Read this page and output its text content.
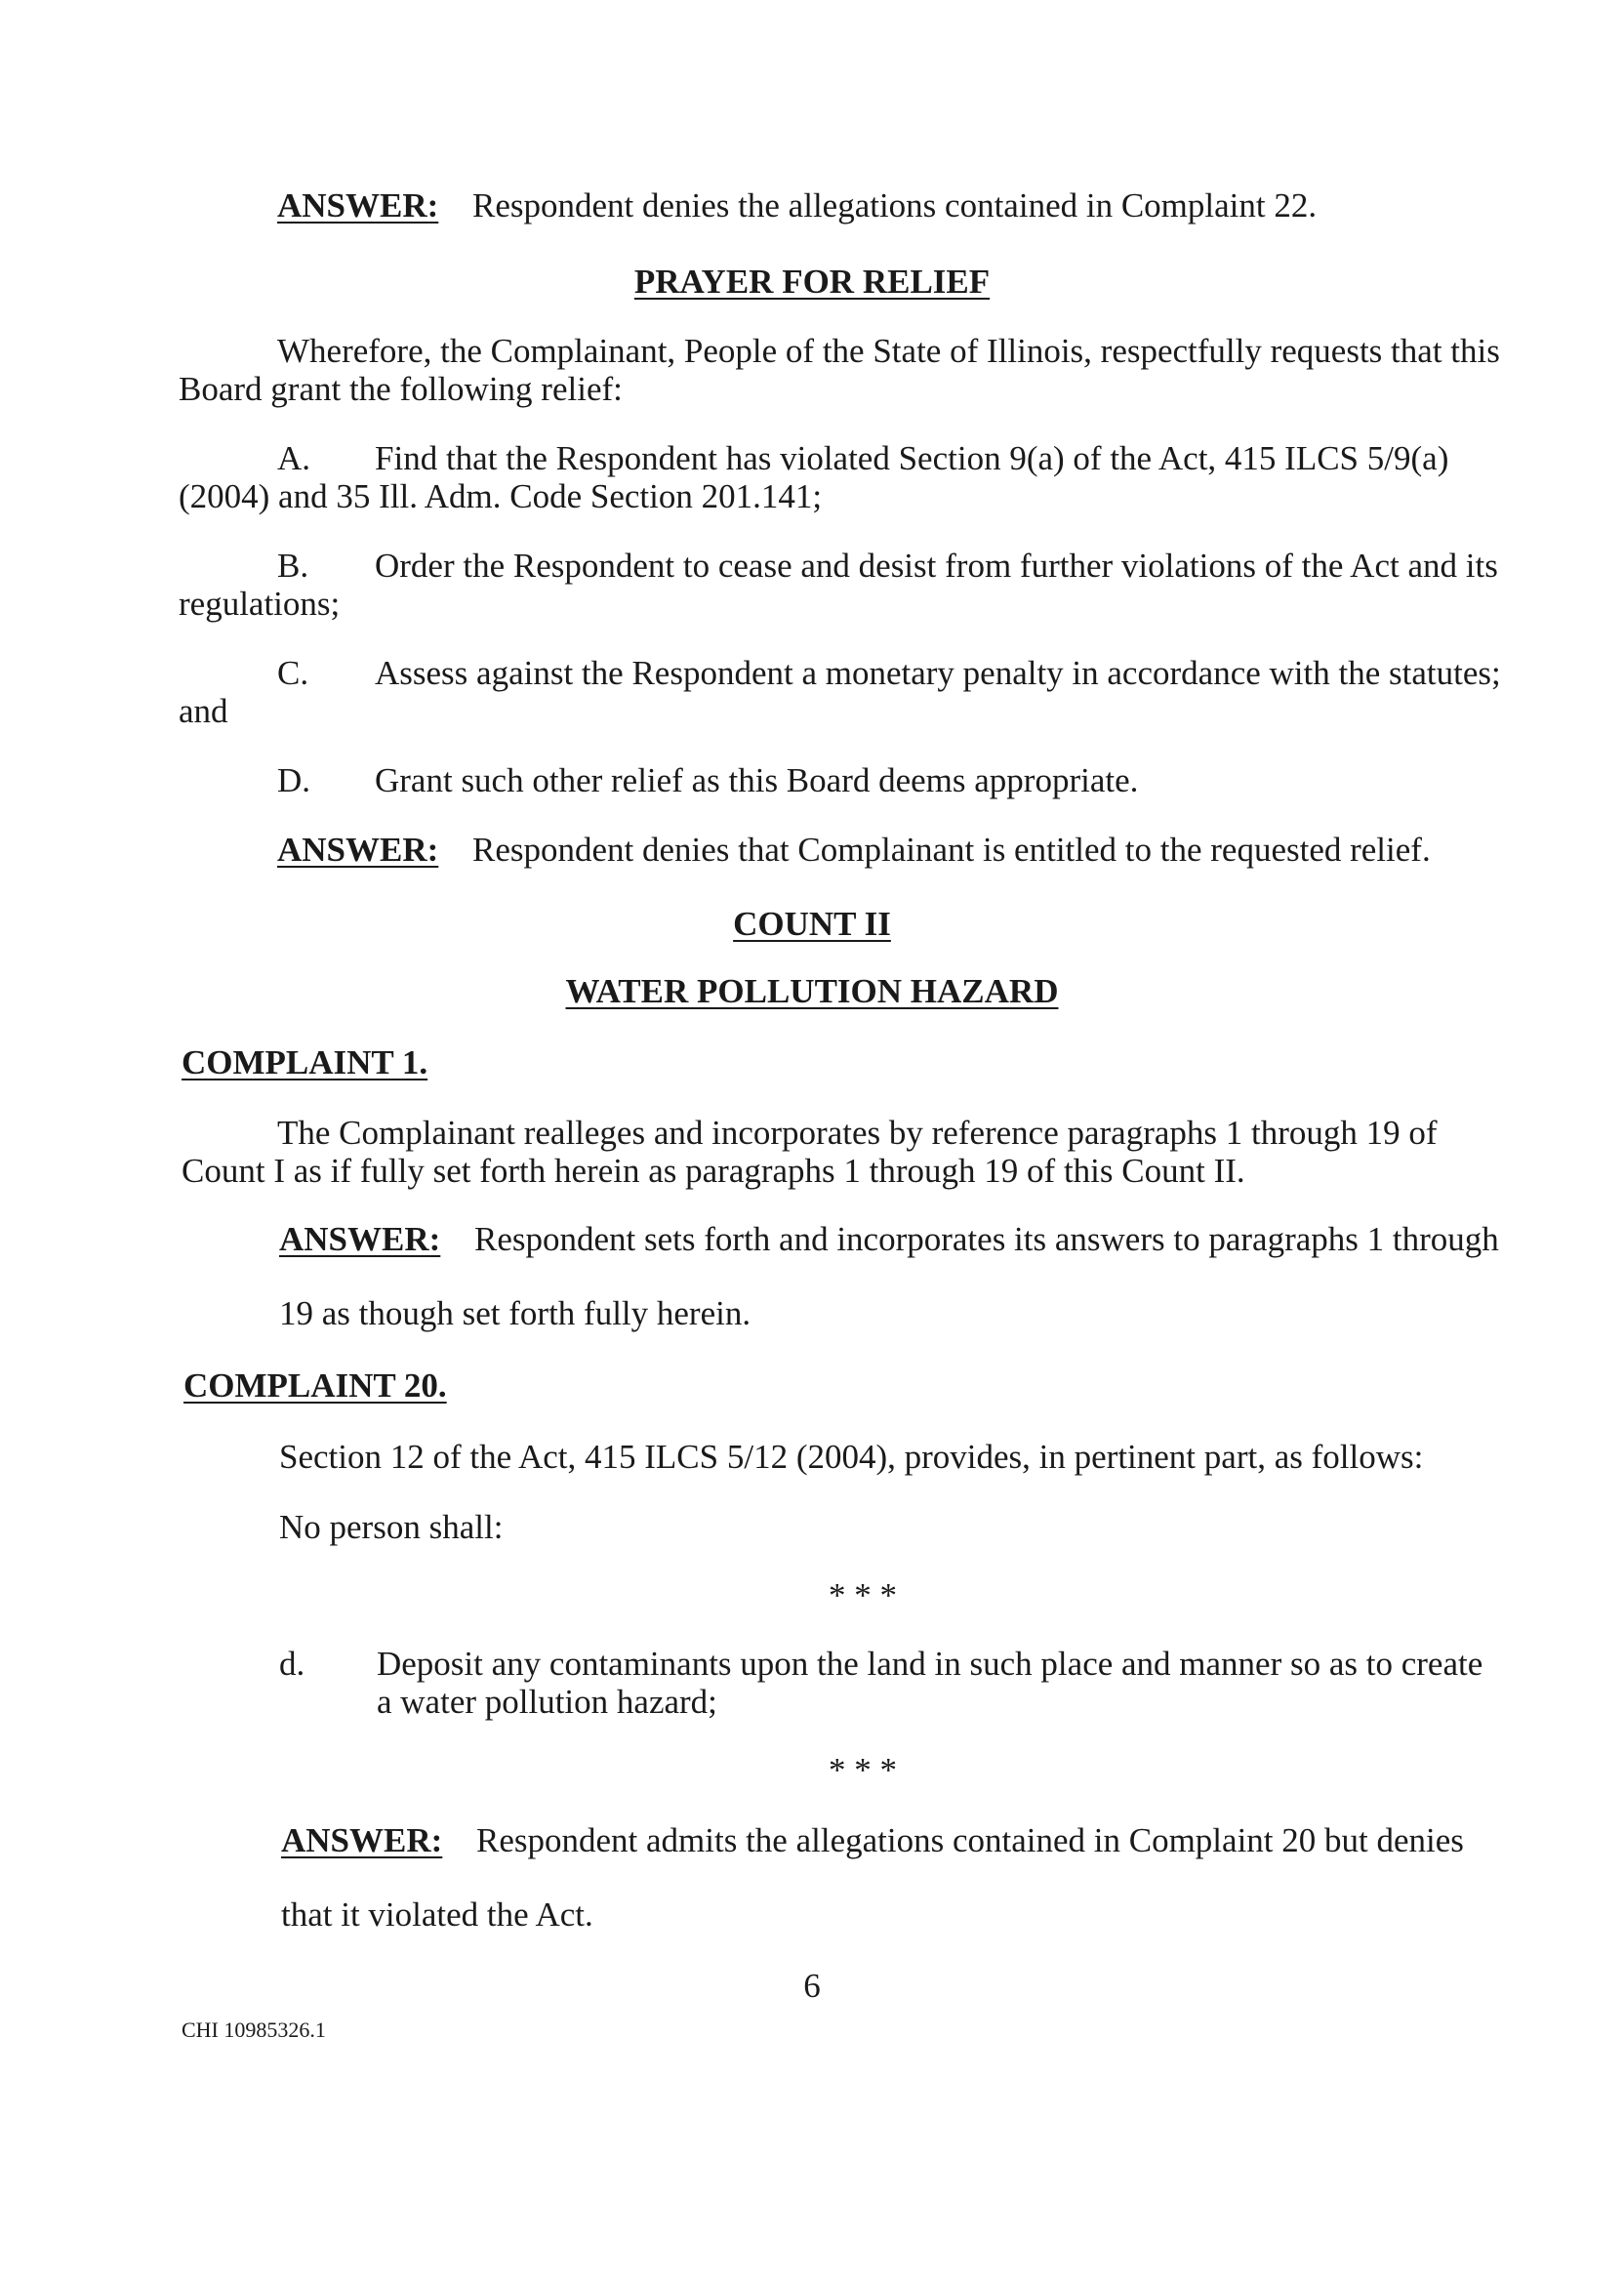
ANSWER: Respondent denies the allegations contained in Complaint 22.
PRAYER FOR RELIEF
Wherefore, the Complainant, People of the State of Illinois, respectfully requests that this
Board grant the following relief:
A. Find that the Respondent has violated Section 9(a) of the Act, 415 ILCS 5/9(a)
(2004) and 35 Ill. Adm. Code Section 201.141;
B. Order the Respondent to cease and desist from further violations of the Act and its
regulations;
C. Assess against the Respondent a monetary penalty in accordance with the statutes;
and
D. Grant such other relief as this Board deems appropriate.
ANSWER: Respondent denies that Complainant is entitled to the requested relief.
COUNT II
WATER POLLUTION HAZARD
COMPLAINT 1.
The Complainant realleges and incorporates by reference paragraphs 1 through 19 of
Count I as if fully set forth herein as paragraphs 1 through 19 of this Count II.
ANSWER: Respondent sets forth and incorporates its answers to paragraphs 1 through
19 as though set forth fully herein.
COMPLAINT 20.
Section 12 of the Act, 415 ILCS 5/12 (2004), provides, in pertinent part, as follows:
No person shall:
* * *
d. Deposit any contaminants upon the land in such place and manner so as to create
a water pollution hazard;
* * *
ANSWER: Respondent admits the allegations contained in Complaint 20 but denies
that it violated the Act.
6
CHI 10985326.1
